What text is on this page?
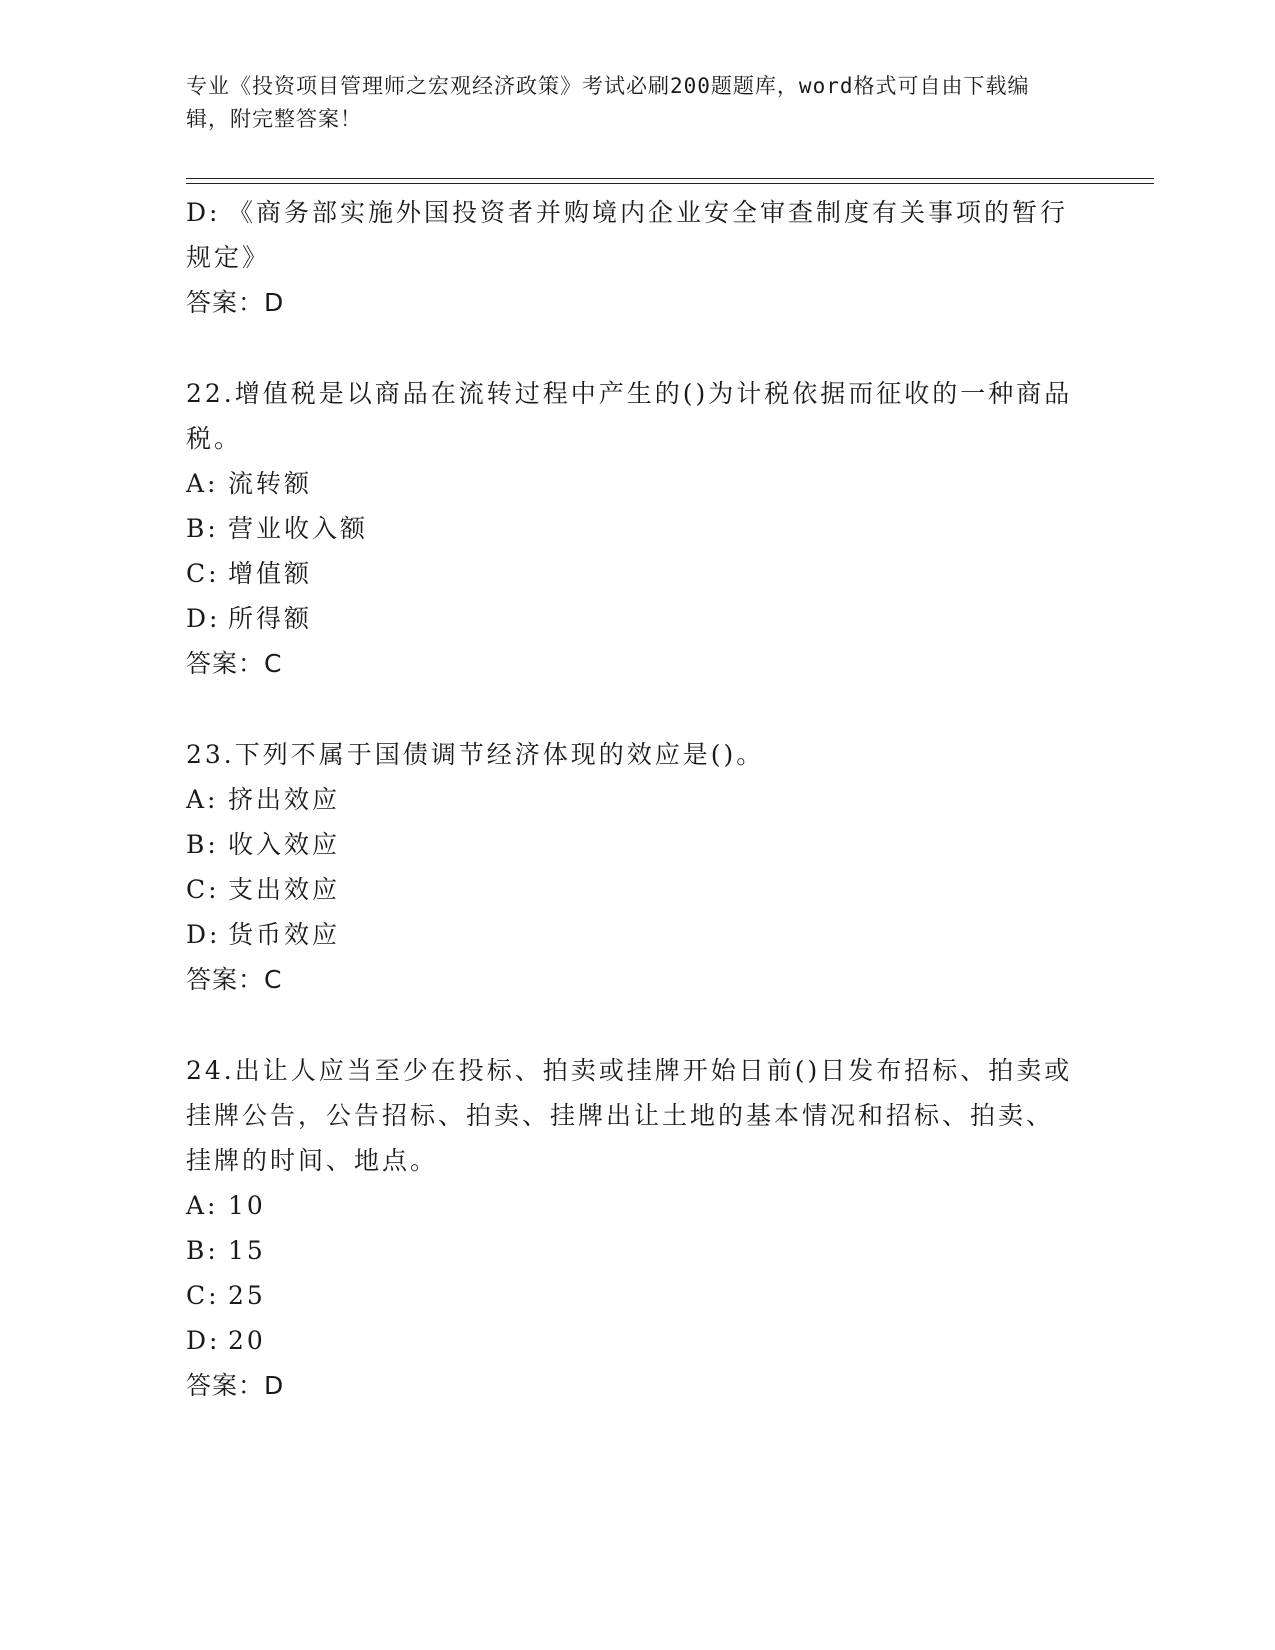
专业《投资项目管理师之宏观经济政策》考试必刷200题题库，word格式可自由下载编辑，附完整答案！
D: 《商务部实施外国投资者并购境内企业安全审查制度有关事项的暂行规定》
答案：D
22.增值税是以商品在流转过程中产生的()为计税依据而征收的一种商品税。
A: 流转额
B: 营业收入额
C: 增值额
D: 所得额
答案：C
23.下列不属于国债调节经济体现的效应是()。
A: 挤出效应
B: 收入效应
C: 支出效应
D: 货币效应
答案：C
24.出让人应当至少在投标、拍卖或挂牌开始日前()日发布招标、拍卖或挂牌公告，公告招标、拍卖、挂牌出让土地的基本情况和招标、拍卖、挂牌的时间、地点。
A: 10
B: 15
C: 25
D: 20
答案：D
